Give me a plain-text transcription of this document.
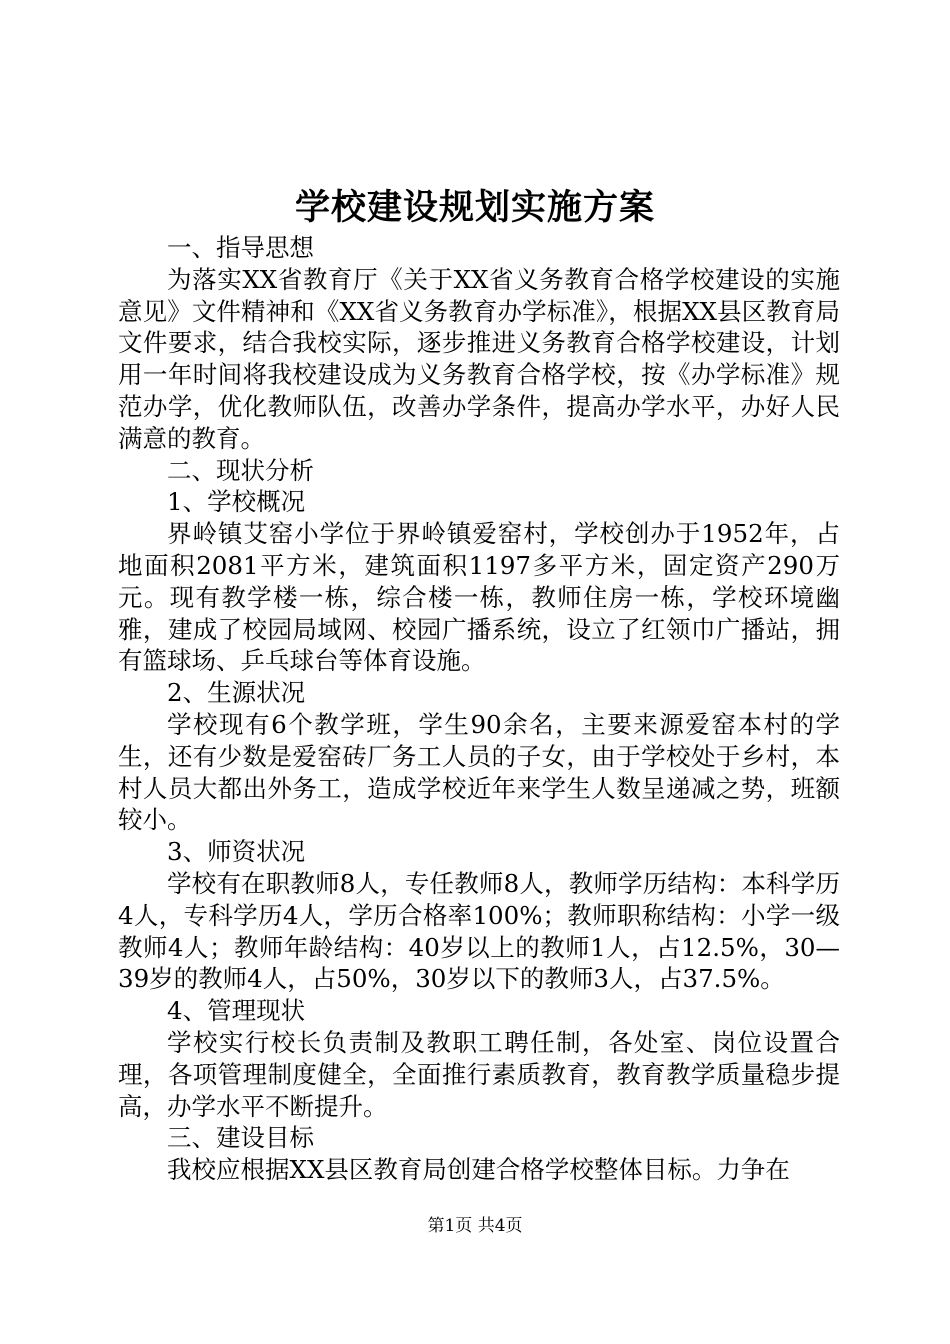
学校建设规划实施方案

一、指导思想

为落实XX省教育厅《关于XX省义务教育合格学校建设的实施意见》文件精神和《XX省义务教育办学标准》，根据XX县区教育局文件要求，结合我校实际，逐步推进义务教育合格学校建设，计划用一年时间将我校建设成为义务教育合格学校，按《办学标准》规范办学，优化教师队伍，改善办学条件，提高办学水平，办好人民满意的教育。

二、现状分析

1、学校概况

界岭镇艾窑小学位于界岭镇爱窑村，学校创办于1952年，占地面积2081平方米，建筑面积1197多平方米，固定资产290万元。现有教学楼一栋，综合楼一栋，教师住房一栋，学校环境幽雅，建成了校园局域网、校园广播系统，设立了红领巾广播站，拥有篮球场、乒乓球台等体育设施。

2、生源状况

学校现有6个教学班，学生90余名，主要来源爱窑本村的学生，还有少数是爱窑砖厂务工人员的子女，由于学校处于乡村，本村人员大都出外务工，造成学校近年来学生人数呈递减之势，班额较小。

3、师资状况

学校有在职教师8人，专任教师8人，教师学历结构：本科学历4人，专科学历4人，学历合格率100%；教师职称结构：小学一级教师4人；教师年龄结构：40岁以上的教师1人，占12.5%，30—39岁的教师4人，占50%，30岁以下的教师3人，占37.5%。

4、管理现状

学校实行校长负责制及教职工聘任制，各处室、岗位设置合理，各项管理制度健全，全面推行素质教育，教育教学质量稳步提高，办学水平不断提升。

三、建设目标

我校应根据XX县区教育局创建合格学校整体目标。力争在

第1页 共4页
